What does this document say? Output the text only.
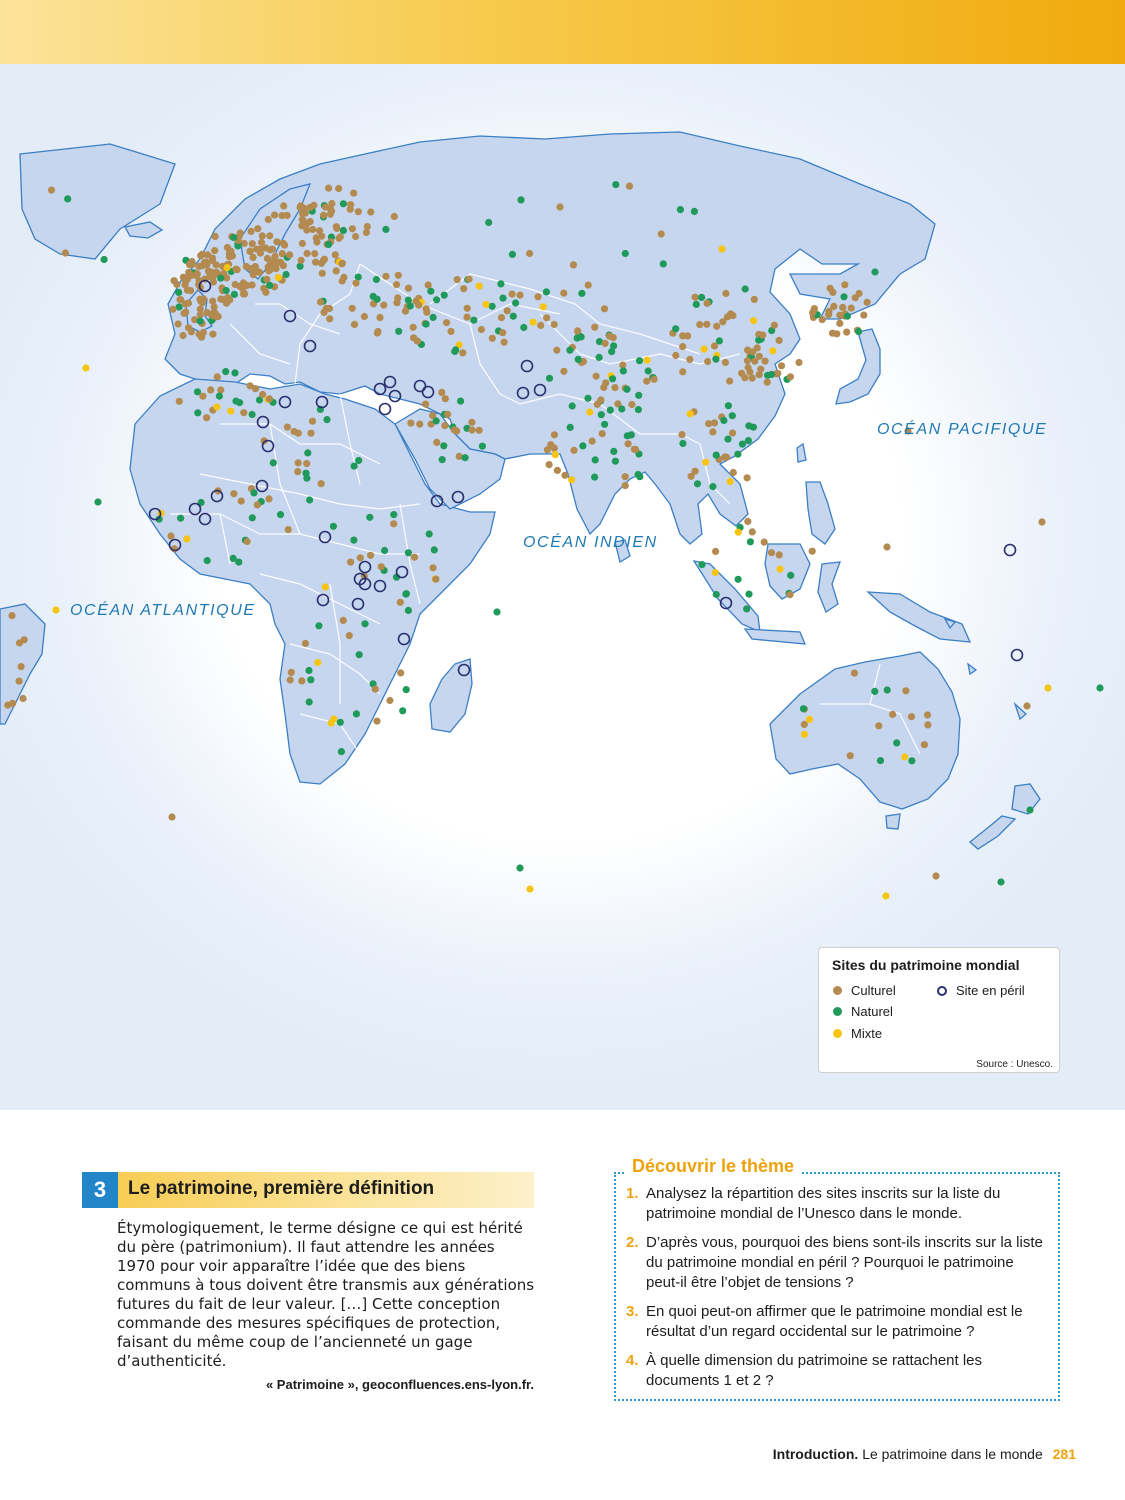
OCÉAN ATLANTIQUE
OCÉAN INDIEN
OCÉAN PACIFIQUE
Sites du patrimoine mondial
Culturel
Naturel
Mixte
Site en péril
Source : Unesco.
3	Le patrimoine, première définition

Étymologiquement, le terme désigne ce qui est hérité du père (patrimonium). Il faut attendre les années 1970 pour voir apparaître l’idée que des biens communs à tous doivent être transmis aux générations futures du fait de leur valeur. […] Cette conception commande des mesures spécifiques de protection, faisant du même coup de l’ancienneté un gage d’authenticité.

« Patrimoine », geoconfluences.ens-lyon.fr.
Découvrir le thème
1. Analysez la répartition des sites inscrits sur la liste du patrimoine mondial de l’Unesco dans le monde.
2. D’après vous, pourquoi des biens sont-ils inscrits sur la liste du patrimoine mondial en péril ? Pourquoi le patrimoine peut-il être l’objet de tensions ?
3. En quoi peut-on affirmer que le patrimoine mondial est le résultat d’un regard occidental sur le patrimoine ?
4. À quelle dimension du patrimoine se rattachent les documents 1 et 2 ?
Introduction. Le patrimoine dans le monde 281
